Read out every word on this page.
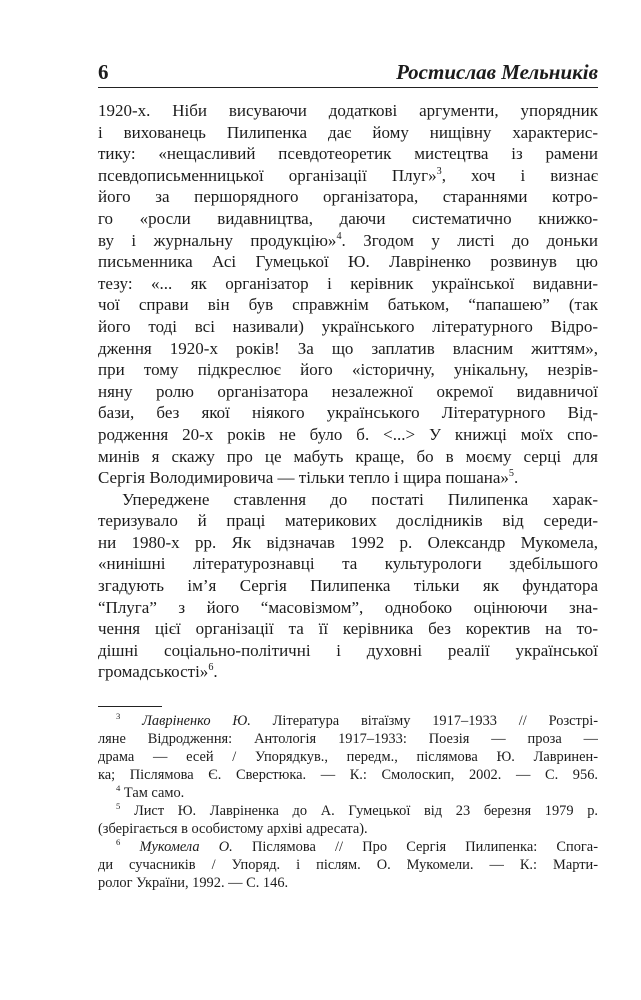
6	Ростислав Мельників
1920-х. Ніби висуваючи додаткові аргументи, упорядник
і вихованець Пилипенка дає йому нищівну характерис-
тику: «нещасливий псевдотеоретик мистецтва із рамени
псевдописьменницької організації Плуг»$^3$, хоч і визнає
його за першорядного організатора, стараннями котро-
го «росли видавництва, даючи систематично книжко-
ву і журнальну продукцію»$^4$. Згодом у листі до доньки
письменника Асі Гумецької Ю. Лавріненко розвинув цю
тезу: «... як організатор і керівник української видавни-
чої справи він був справжнім батьком, “папашею” (так
його тоді всі називали) українського літературного Відро-
дження 1920-х років! За що заплатив власним життям»,
при тому підкреслює його «історичну, унікальну, незрів-
няну ролю організатора незалежної окремої видавничої
бази, без якої ніякого українського Літературного Від-
родження 20-х років не було б. <...> У книжці моїх спо-
минів я скажу про це мабуть краще, бо в моєму серці для
Сергія Володимировича — тільки тепло і щира пошана»$^5$.
Упереджене ставлення до постаті Пилипенка харак-
теризувало й праці материкових дослідників від середи-
ни 1980-х рр. Як відзначав 1992 р. Олександр Мукомела,
«нинішні літературознавці та культурологи здебільшого
згадують ім’я Сергія Пилипенка тільки як фундатора
“Плуга” з його “масовізмом”, однобоко оцінюючи зна-
чення цієї організації та її керівника без коректив на то-
дішні соціально-політичні і духовні реалії української
громадськості»$^6$.
$^3$ Лавріненко Ю. Література вітаїзму 1917–1933 // Розстрі-
ляне Відродження: Антологія 1917–1933: Поезія — проза —
драма — есей / Упорядкув., передм., післямова Ю. Лавринен-
ка; Післямова Є. Сверстюка. — К.: Смолоскип, 2002. — С. 956.
$^4$ Там само.
$^5$ Лист Ю. Лавріненка до А. Гумецької від 23 березня 1979 р.
(зберігається в особистому архіві адресата).
$^6$ Мукомела О. Післямова // Про Сергія Пилипенка: Спога-
ди сучасників / Упоряд. і післям. О. Мукомели. — К.: Марти-
ролог України, 1992. — С. 146.
